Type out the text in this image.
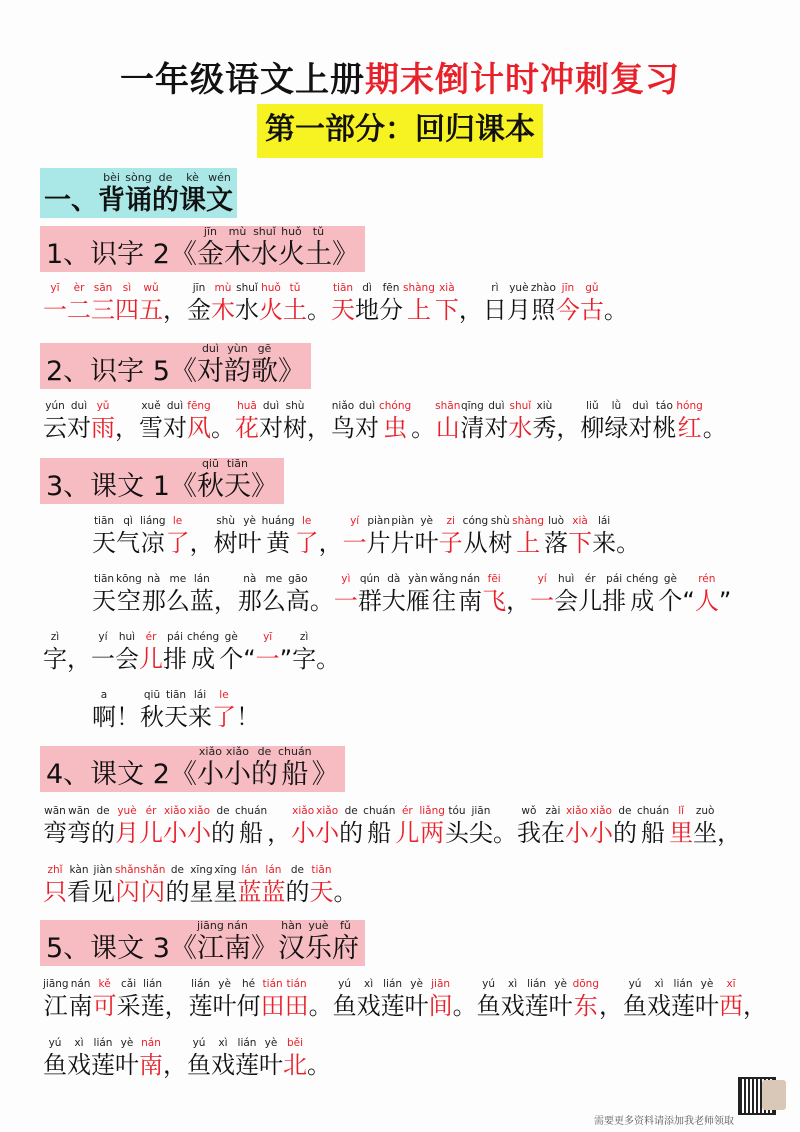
一年级语文上册期末倒计时冲刺复习
第一部分：回归课本
一、
bèi
背
sòng
诵
de
的
kè
课
wén
文
1、识字 2《
jīn
金
mù
木
shuǐ
水
huǒ
火
tǔ
土 》
yī
一
èr
二
sān
三
sì
四
wǔ
五 ，
jīn
金
mù
木
shuǐ
水
huǒ
火
tǔ
土 。
tiān
天
dì
地
fēn
分
shàng
上
xià
下 ，
rì
日
yuè
月
zhào
照
jīn
今
gǔ
古 。
2、识字 5《
duì
对
yùn
韵
gē
歌 》
yún
云
duì
对
yǔ
雨 ，
xuě
雪
duì
对
fēng
风 。
huā
花
duì
对
shù
树 ，
niǎo
鸟
duì
对
chóng
虫 。
shān
山
qīng
清
duì
对
shuǐ
水
xiù
秀 ，
liǔ
柳
lǜ
绿
duì
对
táo
桃
hóng
红 。
3、课文 1《
qiū
秋
tiān
天 》
tiān
天
qì
气
liáng
凉
le
了 ，
shù
树
yè
叶
huáng
黄
le
了 ，
yí
一
piàn
片
piàn
片
yè
叶
zi
子
cóng
从
shù
树
shàng
上
luò
落
xià
下
lái
来 。
tiān
天
kōng
空
nà
那
me
么
lán
蓝 ，
nà
那
me
么
gāo
高 。
yì
一
qún
群
dà
大
yàn
雁
wǎng
往
nán
南
fēi
飞 ，
yí
一
huì
会
ér
儿
pái
排
chéng
成
gè
个 “
rén
人 ”
zì
字 ，
yí
一
huì
会
ér
儿
pái
排
chéng
成
gè
个 “
yī
一 ”
zì
字 。
a
啊 ！
qiū
秋
tiān
天
lái
来
le
了 ！
4、课文 2《
xiǎo
小
xiǎo
小
de
的
chuán
船 》
wān
弯
wān
弯
de
的
yuè
月
ér
儿
xiǎo
小
xiǎo
小
de
的
chuán
船 ，
xiǎo
小
xiǎo
小
de
的
chuán
船
ér
儿
liǎng
两
tóu
头
jiān
尖 。
wǒ
我
zài
在
xiǎo
小
xiǎo
小
de
的
chuán
船
lǐ
里
zuò
坐 ，
zhǐ
只
kàn
看
jiàn
见
shǎn
闪
shǎn
闪
de
的
xīng
星
xīng
星
lán
蓝
lán
蓝
de
的
tiān
天 。
5、课文 3《
jiāng
江
nán
南 》
hàn
汉
yuè
乐
fǔ
府
jiāng
江
nán
南
kě
可
cǎi
采
lián
莲 ，
lián
莲
yè
叶
hé
何
tián
田
tián
田 。
yú
鱼
xì
戏
lián
莲
yè
叶
jiān
间 。
yú
鱼
xì
戏
lián
莲
yè
叶
dōng
东 ，
yú
鱼
xì
戏
lián
莲
yè
叶
xī
西 ，
yú
鱼
xì
戏
lián
莲
yè
叶
nán
南 ，
yú
鱼
xì
戏
lián
莲
yè
叶
běi
北 。
需要更多资料请添加我老师领取
